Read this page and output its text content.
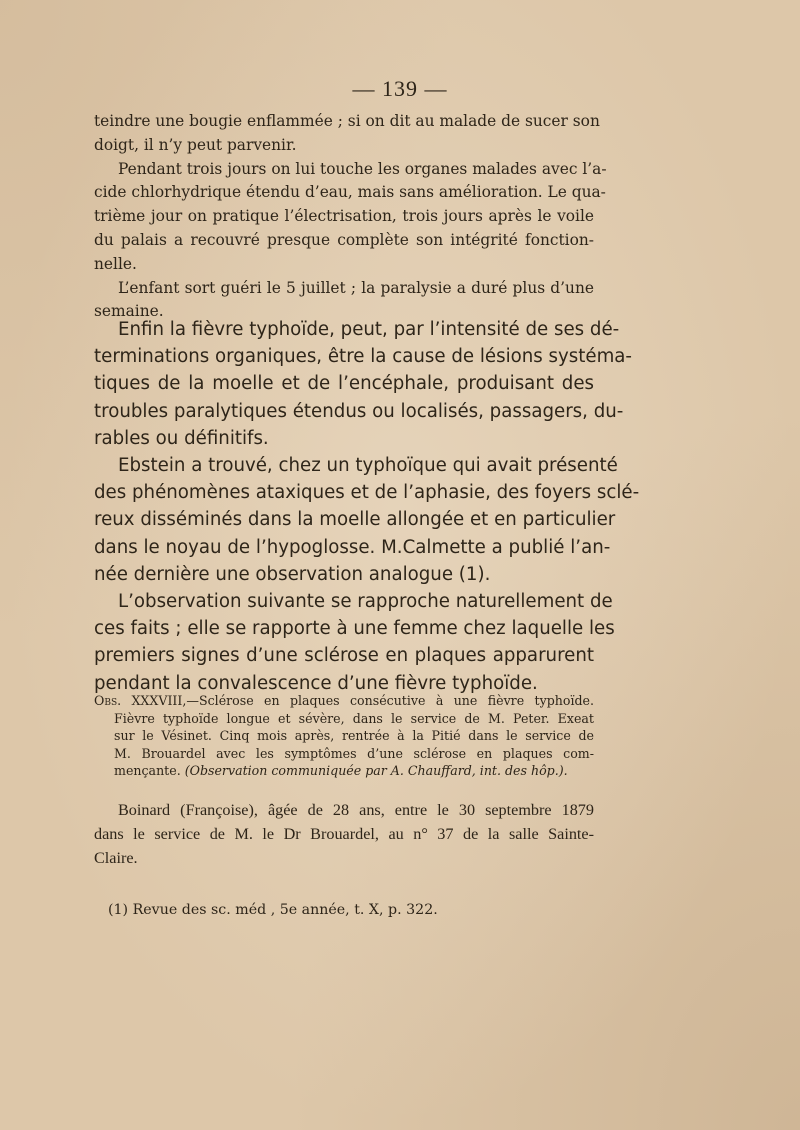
— 139 —
teindre une bougie enflammée ; si on dit au malade de sucer son
doigt, il n’y peut parvenir.
Pendant trois jours on lui touche les organes malades avec l’a-
cide chlorhydrique étendu d’eau, mais sans amélioration. Le qua-
trième jour on pratique l’électrisation, trois jours après le voile
du palais a recouvré presque complète son intégrité fonction-
nelle.
L’enfant sort guéri le 5 juillet ; la paralysie a duré plus d’une
semaine.
Enfin la fièvre typhoïde, peut, par l’intensité de ses dé-
terminations organiques, être la cause de lésions systéma-
tiques de la moelle et de l’encéphale, produisant des
troubles paralytiques étendus ou localisés, passagers, du-
rables ou définitifs.
Ebstein a trouvé, chez un typhoïque qui avait présenté
des phénomènes ataxiques et de l’aphasie, des foyers sclé-
reux disséminés dans la moelle allongée et en particulier
dans le noyau de l’hypoglosse. M.Calmette a publié l’an-
née dernière une observation analogue (1).
L’observation suivante se rapproche naturellement de
ces faits ; elle se rapporte à une femme chez laquelle les
premiers signes d’une sclérose en plaques apparurent
pendant la convalescence d’une fièvre typhoïde.
Obs. XXXVIII,—Sclérose en plaques consécutive à une fièvre typhoïde.
Fièvre typhoïde longue et sévère, dans le service de M. Peter. Exeat
sur le Vésinet. Cinq mois après, rentrée à la Pitié dans le service de
M. Brouardel avec les symptômes d’une sclérose en plaques com-
mençante. (Observation communiquée par A. Chauffard, int. des hôp.).
Boinard (Françoise), âgée de 28 ans, entre le 30 septembre 1879
dans le service de M. le Dr Brouardel, au n° 37 de la salle Sainte-
Claire.
(1) Revue des sc. méd , 5e année, t. X, p. 322.
